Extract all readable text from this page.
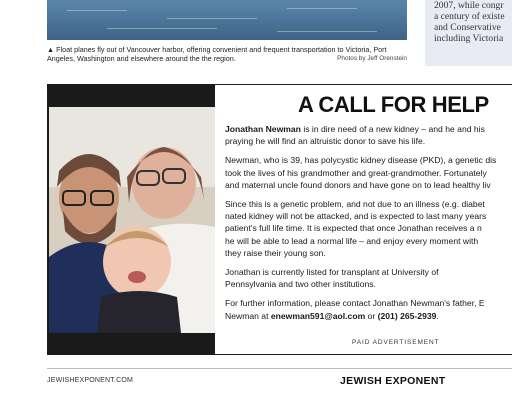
▲ Float planes fly out of Vancouver harbor, offering convenient and frequent transportation to Victoria, Port Angeles, Washington and elsewhere around the the region.	Photos by Jeff Orenstein
2007, while congr
a century of existe
and Conservative
including Victoria
A CALL FOR HELP

Jonathan Newman is in dire need of a new kidney – and he and his
praying he will find an altruistic donor to save his life.

Newman, who is 39, has polycystic kidney disease (PKD), a genetic dis
took the lives of his grandmother and great-grandmother. Fortunately
and maternal uncle found donors and have gone on to lead healthy liv

Since this is a genetic problem, and not due to an illness (e.g. diabet
nated kidney will not be attacked, and is expected to last many years
patient's full life time. It is expected that once Jonathan receives a n
he will be able to lead a normal life – and enjoy every moment with
they raise their young son.

Jonathan is currently listed for transplant at University of
Pennsylvania and two other institutions.

For further information, please contact Jonathan Newman's father, E
Newman at enewman591@aol.com or (201) 265-2939.

PAID ADVERTISEMENT
JEWISHEXPONENT.COM	JEWISH EXPONENT
